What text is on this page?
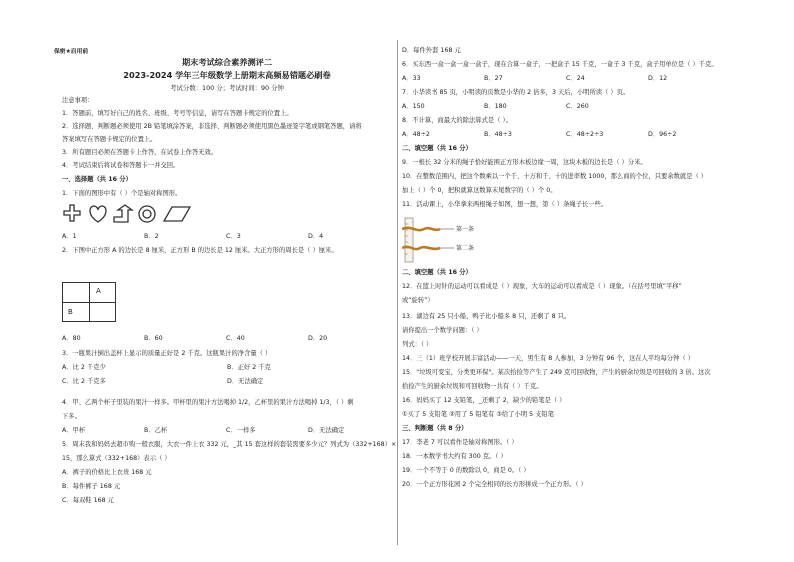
保密★启用前
期末考试综合素养测评二
2023-2024 学年三年级数学上册期末高频易错题必刷卷
考试分数：100 分；考试时间：90 分钟
注意事项：
1．答题前，填写好自己的姓名、班级、考号等信息，请写在答题卡规定的位置上。
2．选择题、判断题必须使用 2B 铅笔填涂答案，非选择、判断题必须使用黑色墨迹签字笔或钢笔答题，请将
答案填写在答题卡规定的位置上。
3．所有题目必须在答题卡上作答，在试卷上作答无效。
4．考试结束后将试卷和答题卡一并交回。
一、选择题（共 16 分）
1．下面的图形中有（ ）个是轴对称图形。
A．1	B．2	C．3	D．4
2．下图中正方形 A 的边长是 8 厘米，正方形 B 的边长是 12 厘米。大正方形的周长是（ ）厘米。
A
B
A．80	B．60	C．40	D．20
3．一瓶果汁倒出盖杯上显示的质量正好是 2 千克。这瓶果汁的净含量（ ）
A．比 2 千克少	B．正好 2 千克
C．比 2 千克多	D．无法确定
4．甲、乙两个杯子里装的果汁一样多。甲杯里的果汁方法喝掉 1/2，乙杯里的果汁方法喝掉 1/3，（ ）剩
下多。
A．甲杯	B．乙杯	C．一样多	D．无法确定
5．周末我和妈妈去超市购一般衣服，大衣一件上衣 332 元，_其 15 套这样的套装需要多少元？列式为（332+168）×
15，那么算式（332+168）表示（ ）
A．裤子的价格比上衣贵 168 元
B．每件裤子 168 元
C．每双鞋 168 元
D．每件外套 168 元
6．买东西一盒一盒一盒一盒子，现在合算一盒子，一把盒子 15 千克，一盒子 3 千克，盒子用单位是（ ）千克。
A．33	B．27	C．24	D．12
7．小华读书 85 页，小明读的页数是小华的 2 倍多，3 天后，小明所读（ ）页。
A．150	B．180	C．260
8．不计算，商最大的除法算式是（ ）。
A．48÷2	B．48÷3	C．48÷2÷3	D．96÷2
二、填空题（共 16 分）
9．一根长 32 分米的绳子恰好能围正方形木板边缘一周，这块木板的边长是（ ）分米。
10．在整数范围内，把这个数乘以一个千、十万和千、十的进率数 1000，那么商的个位，只要余数就是（ ）
加上（ ）个 0，把积就算这数算末尾数字的（ ）个 0。
11．活动课上，小华拿来两根绳子如图，想一想，第（ ）条绳子长一些。
第一条
第二条
二、填空题（共 16 分）
12．在篮上时针的运动可以看成是（ ）现象，大车的运动可以看成是（ ）现象。（在括号里填“平移”
或“旋转”）
13．湖边有 25 只小船，鸭子比小船多 8 只，还剩了 8 只。
请你提出一个数学问题：（ ）
列式：（ ）
14．三（1）班学校开展丰富活动——一天，男生有 8 人参加，3 分钟有 96 个，这在人平均每分钟（ ）
15．"垃圾可变宝，分类更环保"。某次拾捡等产生了 249 克可回收物，产生的厨余垃圾是可回收的 3 倍。这次
拾捡产生的厨余垃圾和可回收物一共有（ ）千克。
16．妈妈买了 12 支铅笔，_还剩了 2，缺少的铅笔是（ ）
①买了 5 支铅笔 ②用了 5 铅笔有 ③给了小明 5 支铅笔
三、判断题（共 8 分）
17．李老 7 可以看作是轴对称图形。（ ）
18．一本数学书大约有 300 克。（ ）
19．一个不等于 0 的数除以 0，商是 0。（ ）
20．一个正方形花园 2 个完全相同的长方形拼成一个正方形。（ ）
